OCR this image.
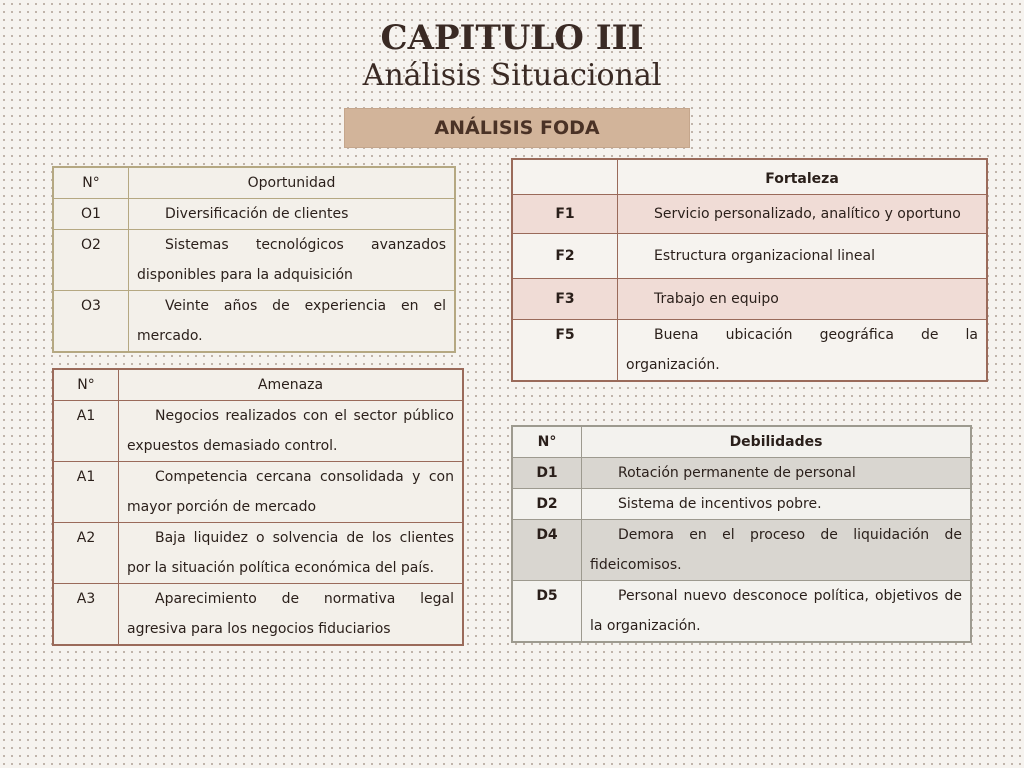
CAPITULO III
Análisis Situacional
ANÁLISIS FODA
N°	Oportunidad
O1	Diversificación de clientes
O2	Sistemas tecnológicos avanzados disponibles para la adquisición
O3	Veinte años de experiencia en el mercado.
N°	Amenaza
A1	Negocios realizados con el sector público expuestos demasiado control.
A1	Competencia cercana consolidada y con mayor porción de mercado
A2	Baja liquidez o solvencia de los clientes por la situación política económica del país.
A3	Aparecimiento de normativa legal agresiva para los negocios fiduciarios
	Fortaleza
F1	Servicio personalizado, analítico y oportuno
F2	Estructura organizacional lineal
F3	Trabajo en equipo
F5	Buena ubicación geográfica de la organización.
N°	Debilidades
D1	Rotación permanente de personal
D2	Sistema de incentivos pobre.
D4	Demora en el proceso de liquidación de fideicomisos.
D5	Personal nuevo desconoce política, objetivos de la organización.
